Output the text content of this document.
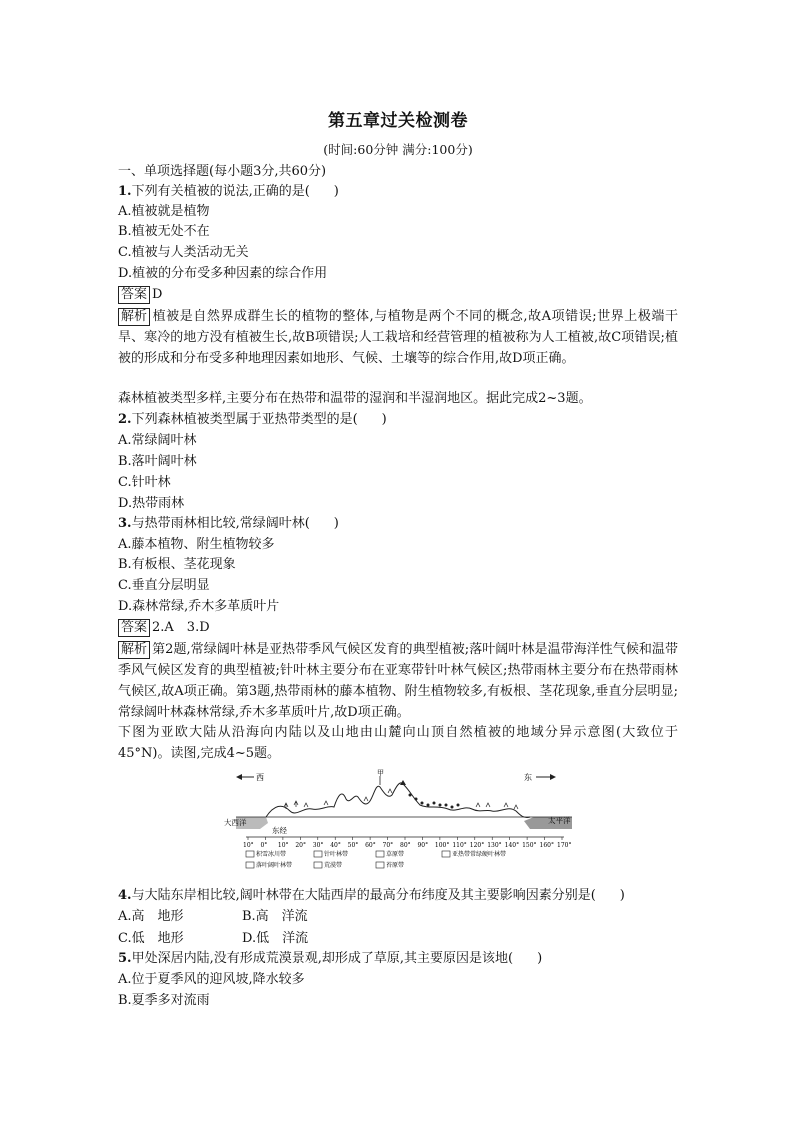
第五章过关检测卷
(时间:60分钟 满分:100分)
一、单项选择题(每小题3分,共60分)
1.下列有关植被的说法,正确的是( )
A.植被就是植物
B.植被无处不在
C.植被与人类活动无关
D.植被的分布受多种因素的综合作用
答案 D
解析 植被是自然界成群生长的植物的整体,与植物是两个不同的概念,故A项错误;世界上极端干旱、寒冷的地方没有植被生长,故B项错误;人工栽培和经营管理的植被称为人工植被,故C项错误;植被的形成和分布受多种地理因素如地形、气候、土壤等的综合作用,故D项正确。
森林植被类型多样,主要分布在热带和温带的湿润和半湿润地区。据此完成2~3题。
2.下列森林植被类型属于亚热带类型的是( )
A.常绿阔叶林
B.落叶阔叶林
C.针叶林
D.热带雨林
3.与热带雨林相比较,常绿阔叶林( )
A.藤本植物、附生植物较多
B.有板根、茎花现象
C.垂直分层明显
D.森林常绿,乔木多革质叶片
答案 2.A　3.D
解析 第2题,常绿阔叶林是亚热带季风气候区发育的典型植被;落叶阔叶林是温带海洋性气候和温带季风气候区发育的典型植被;针叶林主要分布在亚寒带针叶林气候区;热带雨林主要分布在热带雨林气候区,故A项正确。第3题,热带雨林的藤本植物、附生植物较多,有板根、茎花现象,垂直分层明显;常绿阔叶林森林常绿,乔木多革质叶片,故D项正确。
下图为亚欧大陆从沿海向内陆以及山地由山麓向山顶自然植被的地域分异示意图(大致位于45°N)。读图,完成4~5题。
西	东
甲
大西洋	太平洋
东经
10° 0° 10° 20° 30° 40° 50° 60° 70° 80° 90° 100° 110° 120° 130° 140° 150° 160° 170°
积雪冰川带	针叶林带	草原带	亚热带常绿硬叶林带
落叶阔叶林带	荒漠带	苔原带
4.与大陆东岸相比较,阔叶林带在大陆西岸的最高分布纬度及其主要影响因素分别是( )
A.高　地形	B.高　洋流
C.低　地形	D.低　洋流
5.甲处深居内陆,没有形成荒漠景观,却形成了草原,其主要原因是该地( )
A.位于夏季风的迎风坡,降水较多
B.夏季多对流雨
